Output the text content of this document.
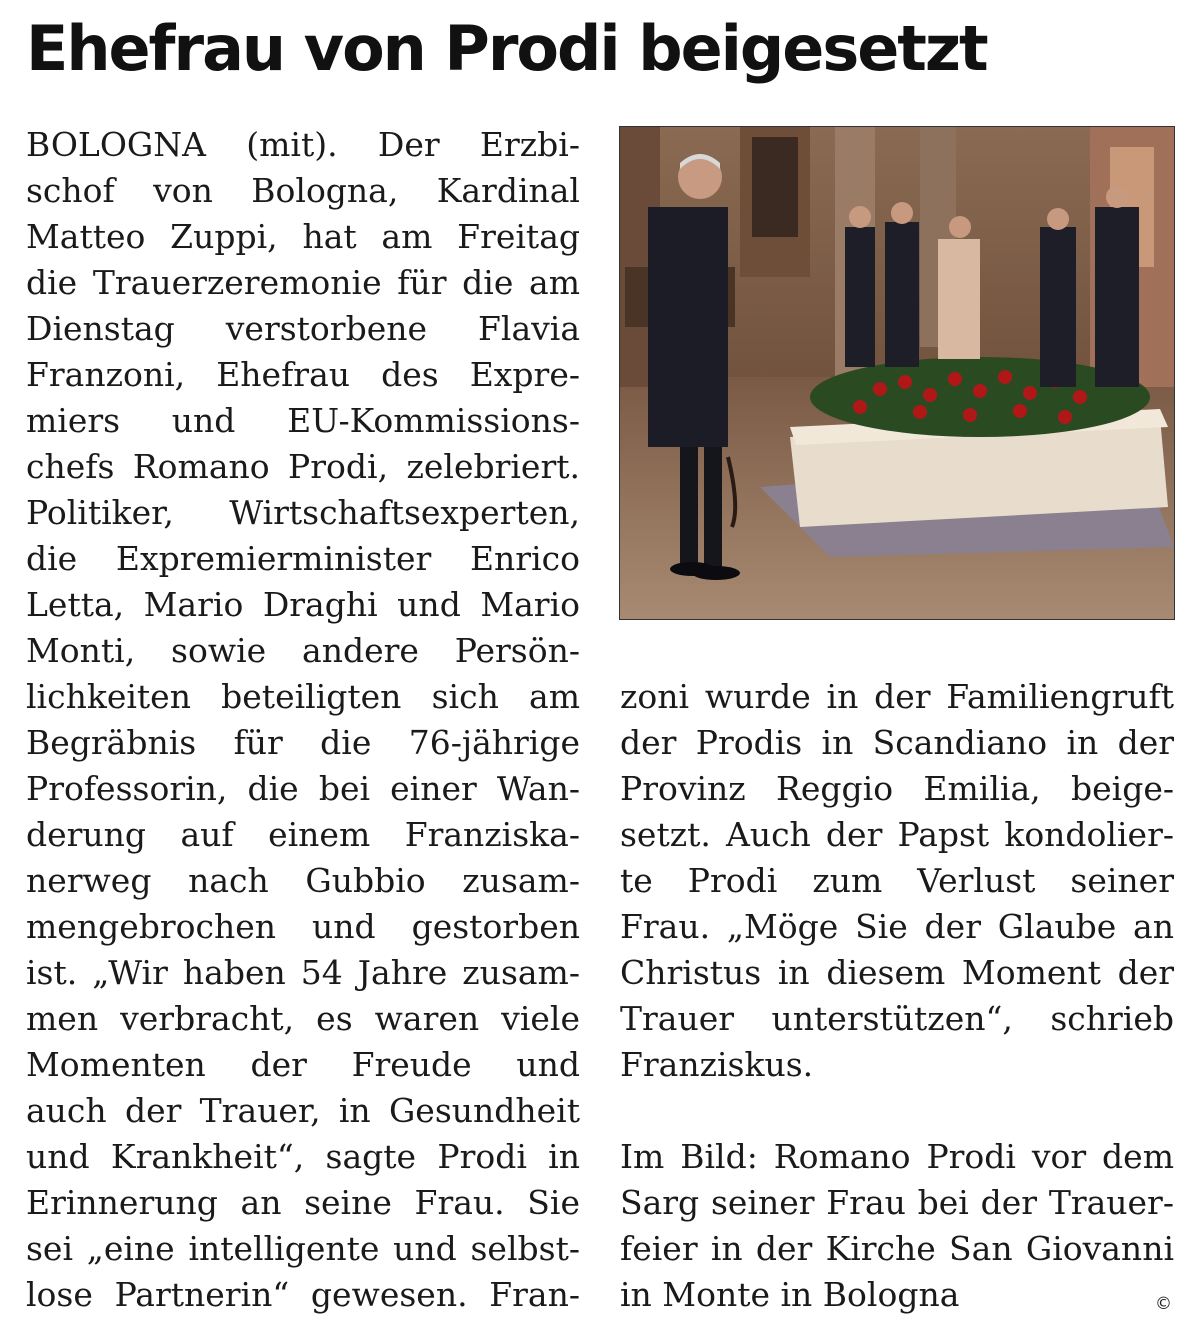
Ehefrau von Prodi beigesetzt
BOLOGNA (mit). Der Erzbi-
schof von Bologna, Kardinal
Matteo Zuppi, hat am Freitag
die Trauerzeremonie für die am
Dienstag verstorbene Flavia
Franzoni, Ehefrau des Expre-
miers und EU-Kommissions-
chefs Romano Prodi, zelebriert.
Politiker, Wirtschaftsexperten,
die Expremierminister Enrico
Letta, Mario Draghi und Mario
Monti, sowie andere Persön-
lichkeiten beteiligten sich am
Begräbnis für die 76-jährige
Professorin, die bei einer Wan-
derung auf einem Franziska-
nerweg nach Gubbio zusam-
mengebrochen und gestorben
ist. „Wir haben 54 Jahre zusam-
men verbracht, es waren viele
Momenten der Freude und
auch der Trauer, in Gesundheit
und Krankheit“, sagte Prodi in
Erinnerung an seine Frau. Sie
sei „eine intelligente und selbst-
lose Partnerin“ gewesen. Fran-
zoni wurde in der Familiengruft
der Prodis in Scandiano in der
Provinz Reggio Emilia, beige-
setzt. Auch der Papst kondolier-
te Prodi zum Verlust seiner
Frau. „Möge Sie der Glaube an
Christus in diesem Moment der
Trauer unterstützen“, schrieb
Franziskus.
Im Bild: Romano Prodi vor dem
Sarg seiner Frau bei der Trauer-
feier in der Kirche San Giovanni
in Monte in Bologna	©
